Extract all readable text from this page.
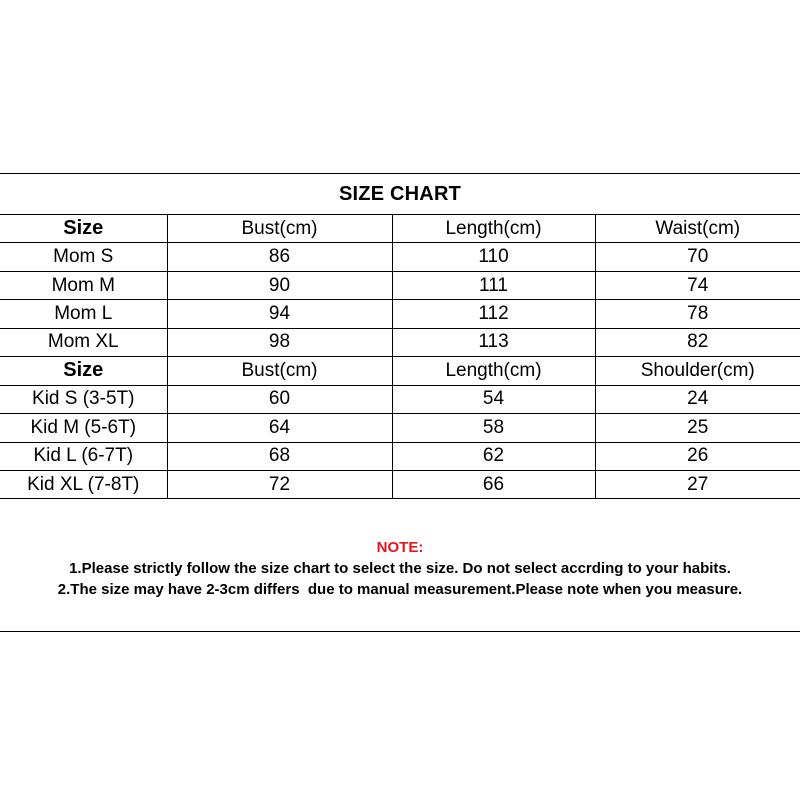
SIZE CHART
Size	Bust(cm)	Length(cm)	Waist(cm)
Mom S	86	110	70
Mom M	90	111	74
Mom L	94	112	78
Mom XL	98	113	82
Size	Bust(cm)	Length(cm)	Shoulder(cm)
Kid S (3-5T)	60	54	24
Kid M (5-6T)	64	58	25
Kid L (6-7T)	68	62	26
Kid XL (7-8T)	72	66	27
NOTE:
1.Please strictly follow the size chart to select the size. Do not select accrding to your habits.
2.The size may have 2-3cm differs  due to manual measurement.Please note when you measure.
